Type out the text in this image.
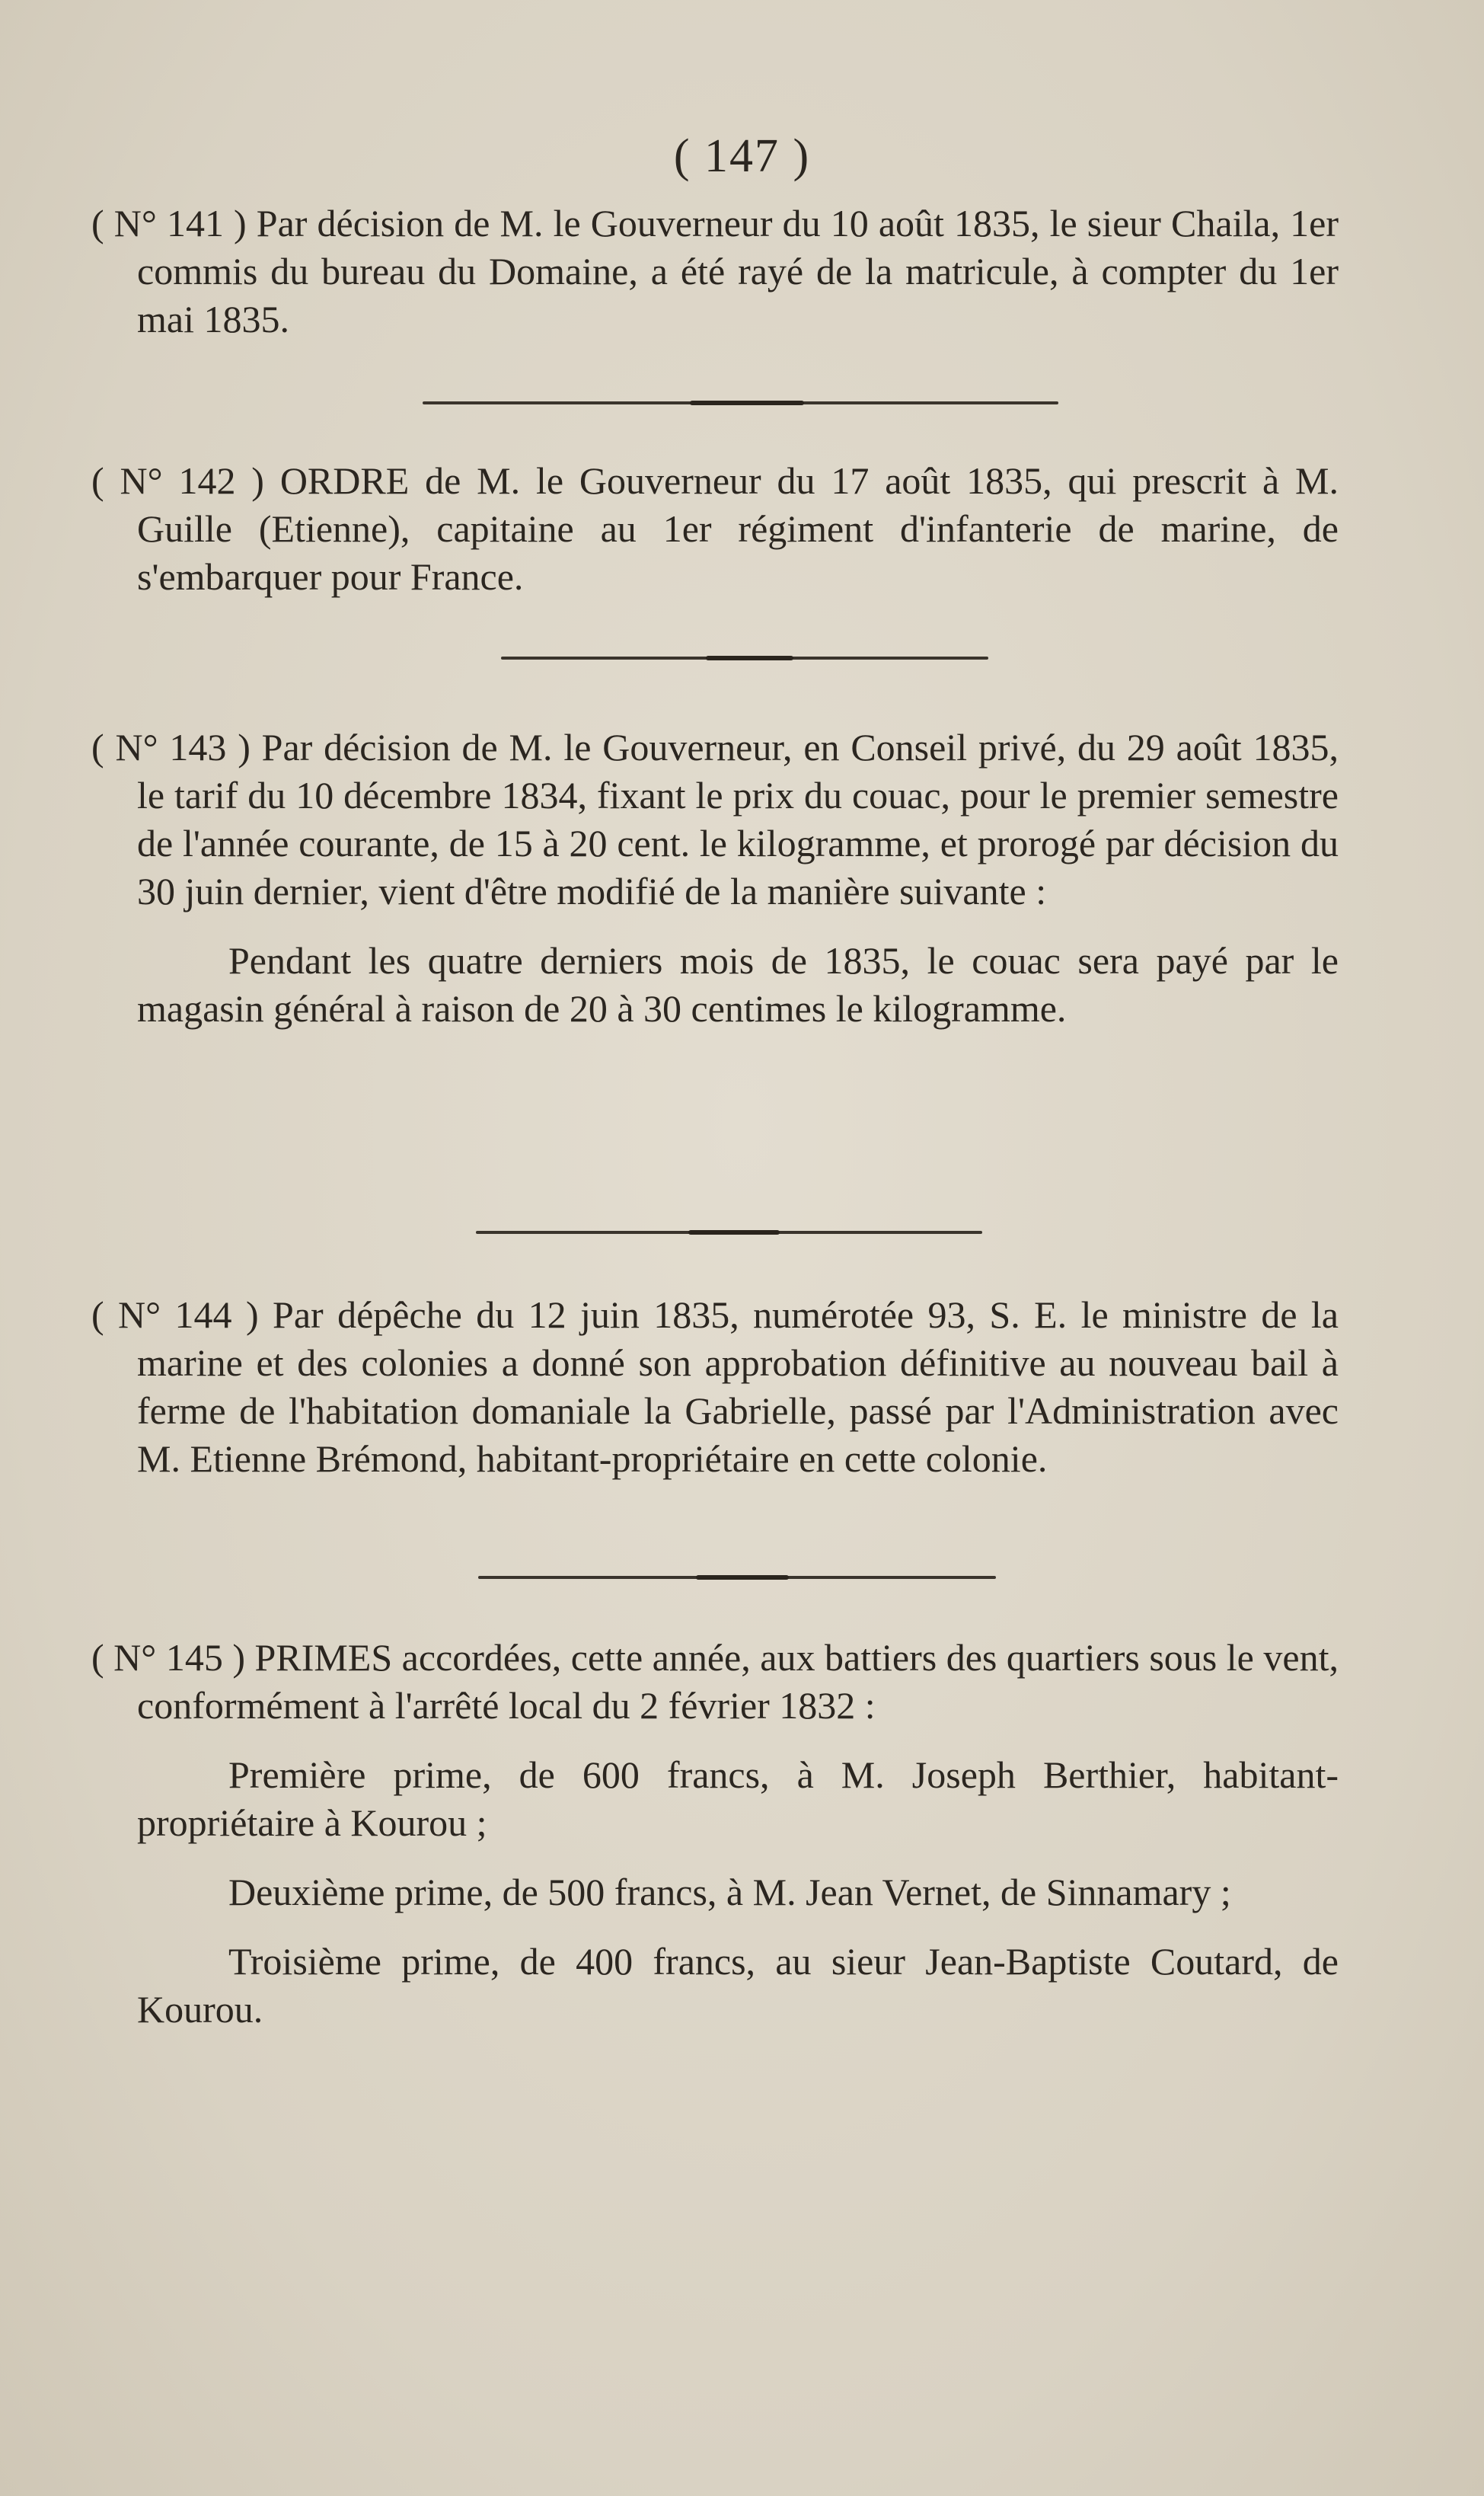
( 147 )

( N° 141 ) Par décision de M. le Gouverneur du 10 août 1835, le sieur Chaila, 1er commis du bureau du Domaine, a été rayé de la matricule, à compter du 1er mai 1835.

( N° 142 ) ORDRE de M. le Gouverneur du 17 août 1835, qui prescrit à M. Guille (Etienne), capitaine au 1er régiment d'infanterie de marine, de s'embarquer pour France.

( N° 143 ) Par décision de M. le Gouverneur, en Conseil privé, du 29 août 1835, le tarif du 10 décembre 1834, fixant le prix du couac, pour le premier semestre de l'année courante, de 15 à 20 cent. le kilogramme, et prorogé par décision du 30 juin dernier, vient d'être modifié de la manière suivante :

Pendant les quatre derniers mois de 1835, le couac sera payé par le magasin général à raison de 20 à 30 centimes le kilogramme.

( N° 144 ) Par dépêche du 12 juin 1835, numérotée 93, S. E. le ministre de la marine et des colonies a donné son approbation définitive au nouveau bail à ferme de l'habitation domaniale la Gabrielle, passé par l'Administration avec M. Etienne Brémond, habitant-propriétaire en cette colonie.

( N° 145 ) PRIMES accordées, cette année, aux battiers des quartiers sous le vent, conformément à l'arrêté local du 2 février 1832 :

Première prime, de 600 francs, à M. Joseph Berthier, habitant-propriétaire à Kourou ;

Deuxième prime, de 500 francs, à M. Jean Vernet, de Sinnamary ;

Troisième prime, de 400 francs, au sieur Jean-Baptiste Coutard, de Kourou.
